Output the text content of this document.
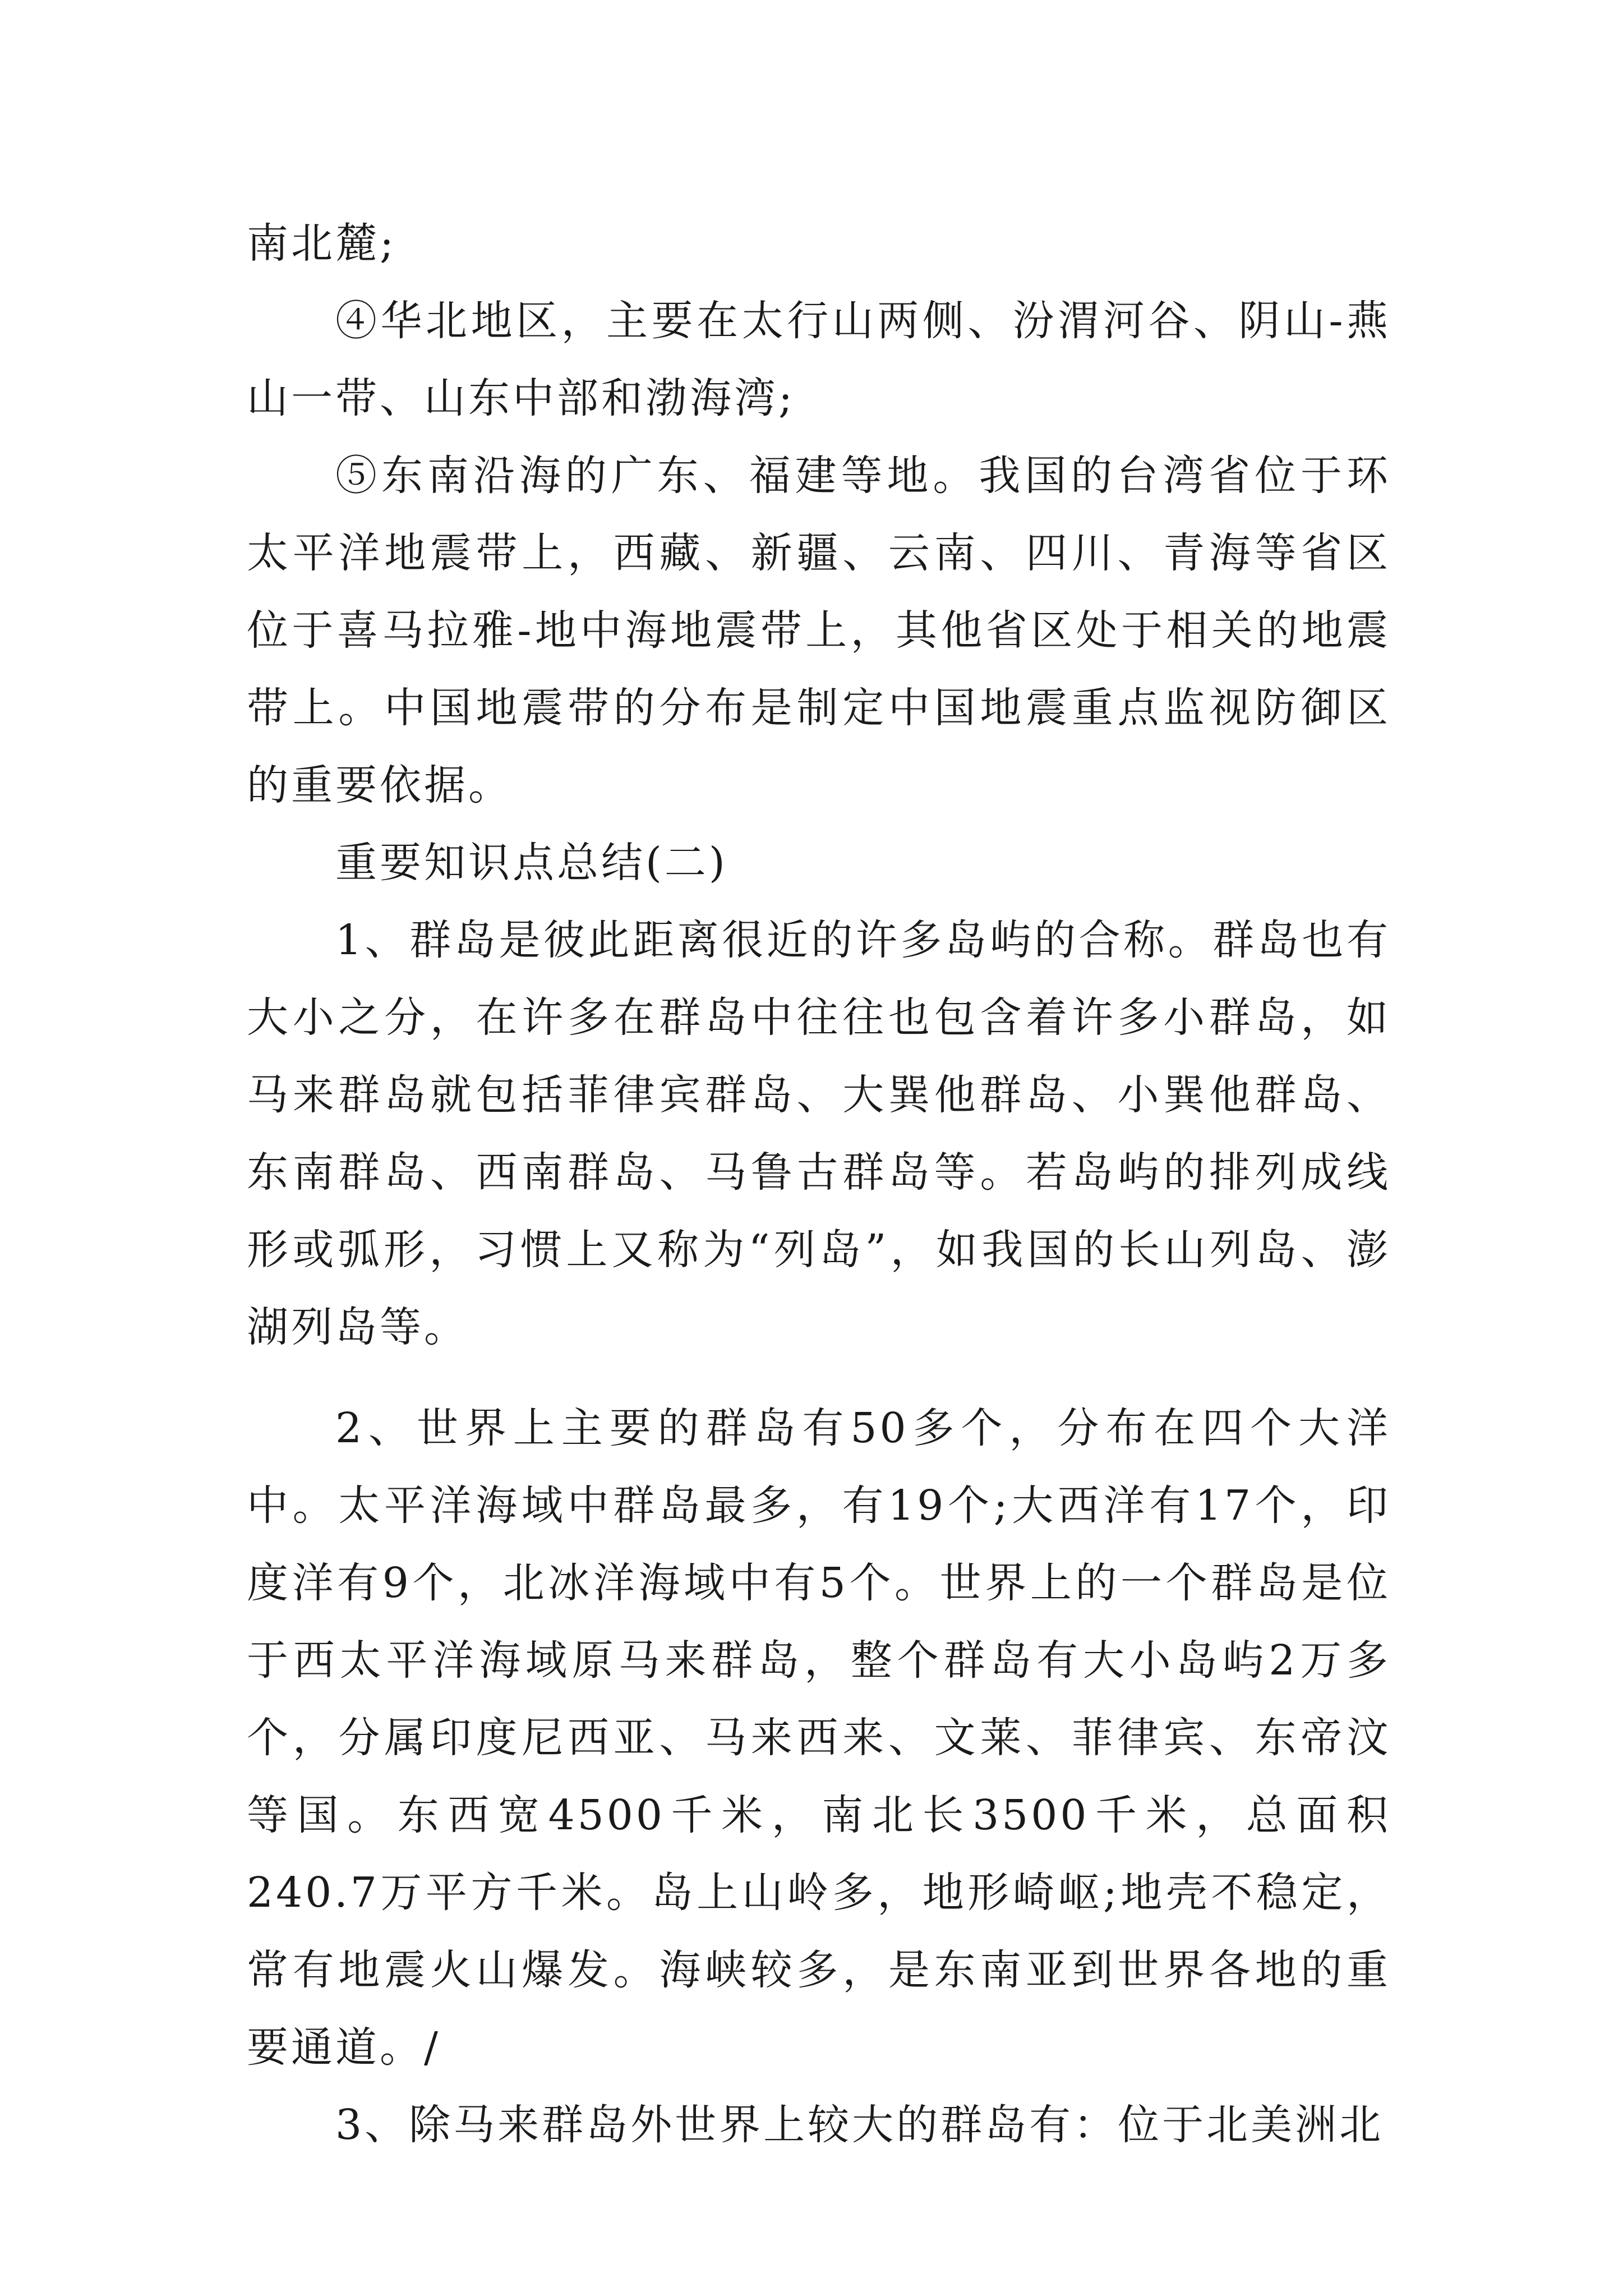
南北麓;

④华北地区，主要在太行山两侧、汾渭河谷、阴山-燕山一带、山东中部和渤海湾;

⑤东南沿海的广东、福建等地。我国的台湾省位于环太平洋地震带上，西藏、新疆、云南、四川、青海等省区位于喜马拉雅-地中海地震带上，其他省区处于相关的地震带上。中国地震带的分布是制定中国地震重点监视防御区的重要依据。

重要知识点总结(二)

1、群岛是彼此距离很近的许多岛屿的合称。群岛也有大小之分，在许多在群岛中往往也包含着许多小群岛，如马来群岛就包括菲律宾群岛、大巽他群岛、小巽他群岛、东南群岛、西南群岛、马鲁古群岛等。若岛屿的排列成线形或弧形，习惯上又称为“列岛”，如我国的长山列岛、澎湖列岛等。

2、世界上主要的群岛有50多个，分布在四个大洋中。太平洋海域中群岛最多，有19个;大西洋有17个，印度洋有9个，北冰洋海域中有5个。世界上的一个群岛是位于西太平洋海域原马来群岛，整个群岛有大小岛屿2万多个，分属印度尼西亚、马来西来、文莱、菲律宾、东帝汶等国。东西宽4500千米，南北长3500千米，总面积240.7万平方千米。岛上山岭多，地形崎岖;地壳不稳定，常有地震火山爆发。海峡较多，是东南亚到世界各地的重要通道。/

3、除马来群岛外世界上较大的群岛有：位于北美洲北
